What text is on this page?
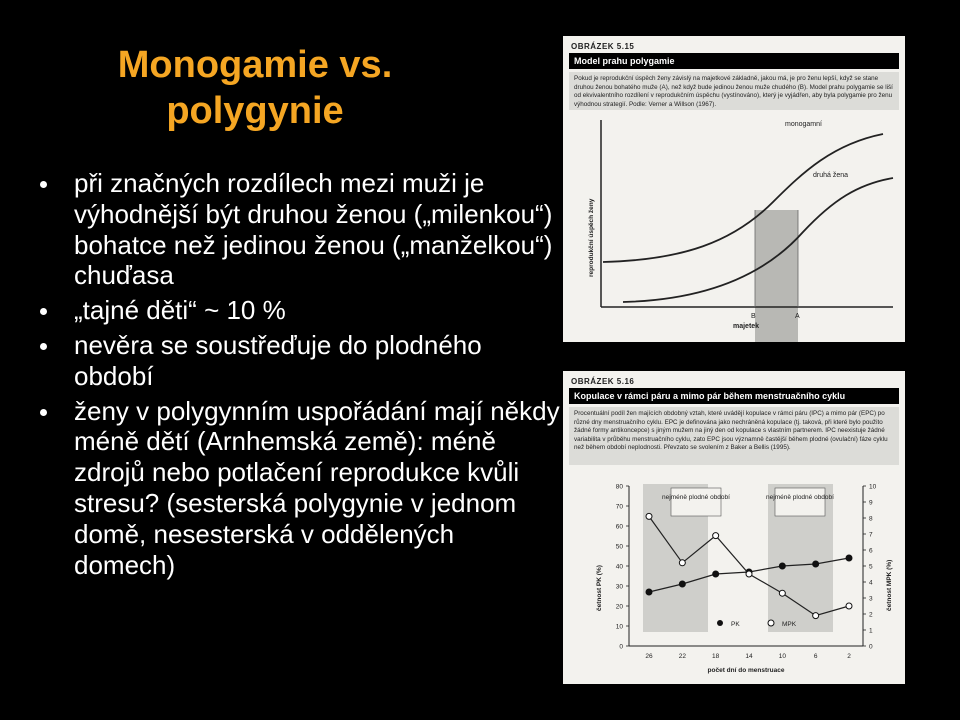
Monogamie vs.
polygynie
při značných rozdílech mezi muži je výhodnější být druhou ženou („milenkou“) bohatce než jedinou ženou („manželkou“) chuďasa
„tajné děti“ ~ 10 %
nevěra se soustřeďuje do plodného období
ženy v polygynním uspořádání mají někdy méně dětí (Arnhemská země): méně zdrojů nebo potlačení reprodukce kvůli stresu? (sesterská polygynie v jednom domě, nesesterská v oddělených domech)
OBRÁZEK 5.15
Model prahu polygamie
Pokud je reprodukční úspěch ženy závislý na majetkové základně, jakou má, je pro ženu lepší, když se stane druhou ženou bohatého muže (A), než když bude jedinou ženou muže chudého (B). Model prahu polygamie se liší od ekvivalentního rozdílení v reprodukčním úspěchu (vystínováno), který je vyjádřen, aby byla polygamie pro ženu výhodnou strategií. Podle: Verner a Willson (1967).
monogamní
druhá žena
B	A
majetek
reprodukční úspěch ženy
OBRÁZEK 5.16
Kopulace v rámci páru a mimo pár během menstruačního cyklu
Procentuální podíl žen majících obdobný vztah, které uvádějí kopulace v rámci páru (IPC) a mimo pár (EPC) po různé dny menstruačního cyklu. EPC je definována jako nechráněná kopulace (tj. taková, při které bylo použito žádné formy antikoncepce) s jiným mužem na jiný den od kopulace s vlastním partnerem. IPC neexistuje žádné variabilita v průběhu menstruačního cyklu, zato EPC jsou významně častější během plodné (ovulační) fáze cyklu než během období neplodnosti. Převzato se svolením z Baker a Bellis (1995).
nejméně plodné období	nejméně plodné období
0
10
20
30
40
50
60
70
80
0
1
2
3
4
5
6
7
8
9
10
26	22	18	14	10	6	2
četnost PK (%)	četnost MPK (%)
počet dní do menstruace
PK	MPK
